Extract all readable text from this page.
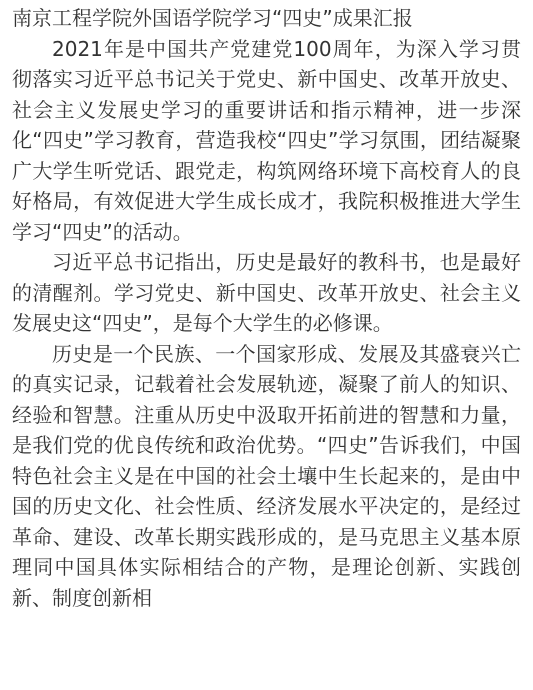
南京工程学院外国语学院学习“四史”成果汇报

2021年是中国共产党建党100周年，为深入学习贯彻落实习近平总书记关于党史、新中国史、改革开放史、社会主义发展史学习的重要讲话和指示精神，进一步深化“四史”学习教育，营造我校“四史”学习氛围，团结凝聚广大学生听党话、跟党走，构筑网络环境下高校育人的良好格局，有效促进大学生成长成才，我院积极推进大学生学习“四史”的活动。

习近平总书记指出，历史是最好的教科书，也是最好的清醒剂。学习党史、新中国史、改革开放史、社会主义发展史这“四史”，是每个大学生的必修课。

历史是一个民族、一个国家形成、发展及其盛衰兴亡的真实记录，记载着社会发展轨迹，凝聚了前人的知识、经验和智慧。注重从历史中汲取开拓前进的智慧和力量，是我们党的优良传统和政治优势。“四史”告诉我们，中国特色社会主义是在中国的社会土壤中生长起来的，是由中国的历史文化、社会性质、经济发展水平决定的，是经过革命、建设、改革长期实践形成的，是马克思主义基本原理同中国具体实际相结合的产物，是理论创新、实践创新、制度创新相
